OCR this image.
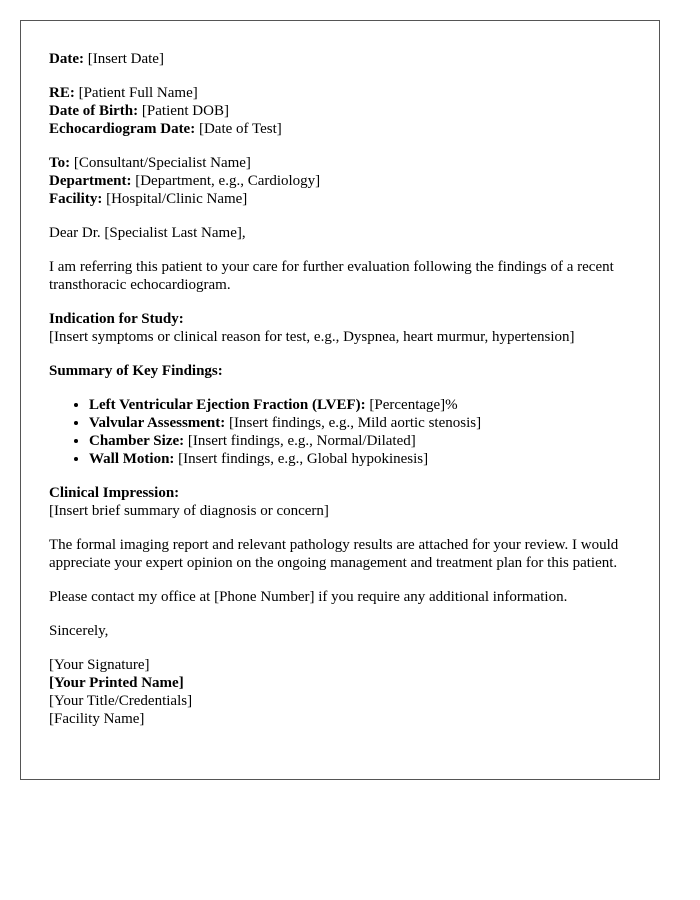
Date: [Insert Date]
RE: [Patient Full Name]
Date of Birth: [Patient DOB]
Echocardiogram Date: [Date of Test]
To: [Consultant/Specialist Name]
Department: [Department, e.g., Cardiology]
Facility: [Hospital/Clinic Name]

Dear Dr. [Specialist Last Name],

I am referring this patient to your care for further evaluation following the findings of a recent transthoracic echocardiogram.

Indication for Study:
[Insert symptoms or clinical reason for test, e.g., Dyspnea, heart murmur, hypertension]
Summary of Key Findings:
• Left Ventricular Ejection Fraction (LVEF): [Percentage]%
• Valvular Assessment: [Insert findings, e.g., Mild aortic stenosis]
• Chamber Size: [Insert findings, e.g., Normal/Dilated]
• Wall Motion: [Insert findings, e.g., Global hypokinesis]
Clinical Impression:
[Insert brief summary of diagnosis or concern]

The formal imaging report and relevant pathology results are attached for your review. I would appreciate your expert opinion on the ongoing management and treatment plan for this patient.

Please contact my office at [Phone Number] if you require any additional information.

Sincerely,

[Your Signature]
[Your Printed Name]
[Your Title/Credentials]
[Facility Name]
